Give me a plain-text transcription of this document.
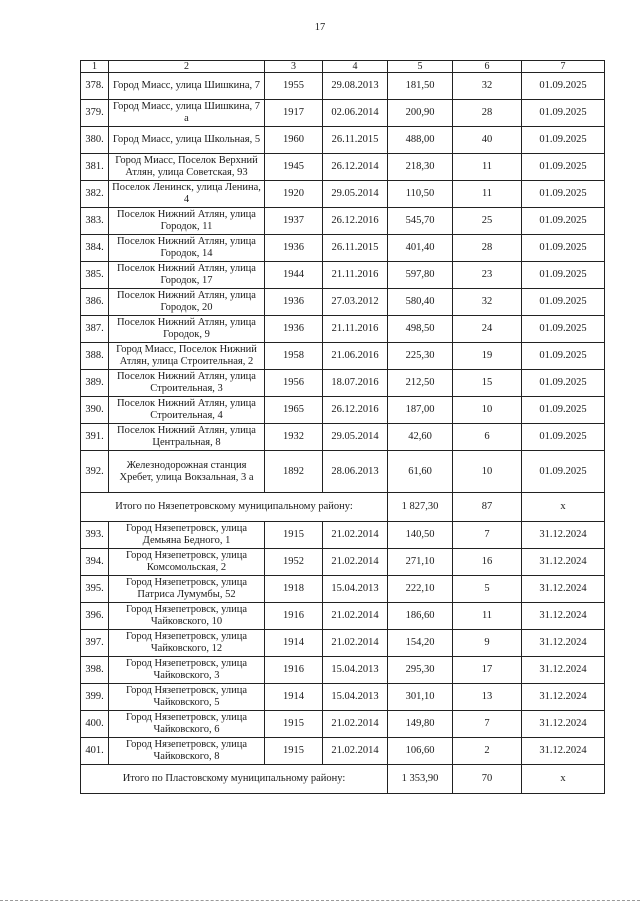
17
1	2	3	4	5	6	7
378.	Город Миасс, улица Шишкина, 7	1955	29.08.2013	181,50	32	01.09.2025
379.	Город Миасс, улица Шишкина, 7 а	1917	02.06.2014	200,90	28	01.09.2025
380.	Город Миасс, улица Школьная, 5	1960	26.11.2015	488,00	40	01.09.2025
381.	Город Миасс, Поселок Верхний Атлян, улица Советская, 93	1945	26.12.2014	218,30	11	01.09.2025
382.	Поселок Ленинск, улица Ленина, 4	1920	29.05.2014	110,50	11	01.09.2025
383.	Поселок Нижний Атлян, улица Городок, 11	1937	26.12.2016	545,70	25	01.09.2025
384.	Поселок Нижний Атлян, улица Городок, 14	1936	26.11.2015	401,40	28	01.09.2025
385.	Поселок Нижний Атлян, улица Городок, 17	1944	21.11.2016	597,80	23	01.09.2025
386.	Поселок Нижний Атлян, улица Городок, 20	1936	27.03.2012	580,40	32	01.09.2025
387.	Поселок Нижний Атлян, улица Городок, 9	1936	21.11.2016	498,50	24	01.09.2025
388.	Город Миасс, Поселок Нижний Атлян, улица Строительная, 2	1958	21.06.2016	225,30	19	01.09.2025
389.	Поселок Нижний Атлян, улица Строительная, 3	1956	18.07.2016	212,50	15	01.09.2025
390.	Поселок Нижний Атлян, улица Строительная, 4	1965	26.12.2016	187,00	10	01.09.2025
391.	Поселок Нижний Атлян, улица Центральная, 8	1932	29.05.2014	42,60	6	01.09.2025
392.	Железнодорожная станция Хребет, улица Вокзальная, 3 а	1892	28.06.2013	61,60	10	01.09.2025
Итого по Нязепетровскому муниципальному району:				1 827,30	87	x
393.	Город Нязепетровск, улица Демьяна Бедного, 1	1915	21.02.2014	140,50	7	31.12.2024
394.	Город Нязепетровск, улица Комсомольская, 2	1952	21.02.2014	271,10	16	31.12.2024
395.	Город Нязепетровск, улица Патриса Лумумбы, 52	1918	15.04.2013	222,10	5	31.12.2024
396.	Город Нязепетровск, улица Чайковского, 10	1916	21.02.2014	186,60	11	31.12.2024
397.	Город Нязепетровск, улица Чайковского, 12	1914	21.02.2014	154,20	9	31.12.2024
398.	Город Нязепетровск, улица Чайковского, 3	1916	15.04.2013	295,30	17	31.12.2024
399.	Город Нязепетровск, улица Чайковского, 5	1914	15.04.2013	301,10	13	31.12.2024
400.	Город Нязепетровск, улица Чайковского, 6	1915	21.02.2014	149,80	7	31.12.2024
401.	Город Нязепетровск, улица Чайковского, 8	1915	21.02.2014	106,60	2	31.12.2024
Итого по Пластовскому муниципальному району:				1 353,90	70	x
